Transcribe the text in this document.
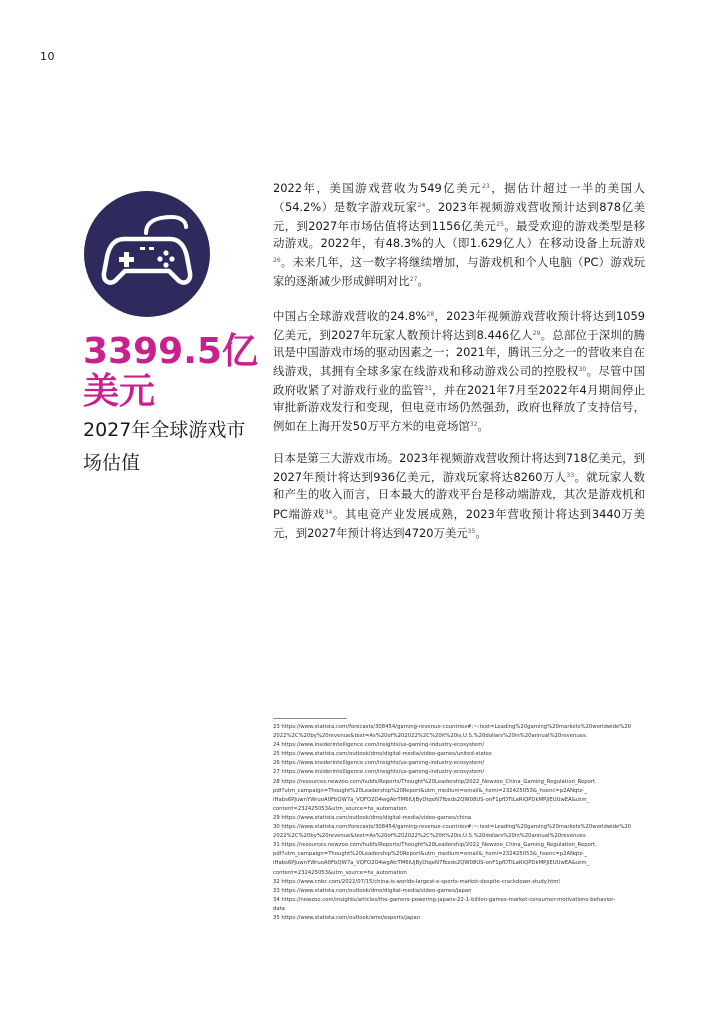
10
3399.5亿美元
2027年全球游戏市场估值

2022年，美国游戏营收为549亿美元$^{23}$，据估计超过一半的美国人（54.2%）是数字游戏玩家$^{24}$。2023年视频游戏营收预计达到878亿美元，到2027年市场估值将达到1156亿美元$^{25}$。最受欢迎的游戏类型是移动游戏。2022年，有48.3%的人（即1.629亿人）在移动设备上玩游戏$^{26}$。未来几年，这一数字将继续增加，与游戏机和个人电脑（PC）游戏玩家的逐渐减少形成鲜明对比$^{27}$。

中国占全球游戏营收的24.8%$^{28}$，2023年视频游戏营收预计将达到1059亿美元，到2027年玩家人数预计将达到8.446亿人$^{29}$。总部位于深圳的腾讯是中国游戏市场的驱动因素之一；2021年，腾讯三分之一的营收来自在线游戏，其拥有全球多家在线游戏和移动游戏公司的控股权$^{30}$。尽管中国政府收紧了对游戏行业的监管$^{31}$，并在2021年7月至2022年4月期间停止审批新游戏发行和变现，但电竞市场仍然强劲，政府也释放了支持信号，例如在上海开发50万平方米的电竞场馆$^{32}$。

日本是第三大游戏市场。2023年视频游戏营收预计将达到718亿美元，到2027年预计将达到936亿美元，游戏玩家将达8260万人$^{33}$。就玩家人数和产生的收入而言，日本最大的游戏平台是移动端游戏，其次是游戏机和PC端游戏$^{34}$。其电竞产业发展成熟，2023年营收预计将达到3440万美元，到2027年预计将达到4720万美元$^{35}$。

23 https://www.statista.com/forecasts/308454/gaming-revenue-countries#:~:text=Leading%20gaming%20markets%20worldwide%20
2022%2C%20by%20revenue&text=As%20of%202022%2C%20it%20is,U.S.%20dollars%20in%20annual%20revenues.
24 https://www.insiderintelligence.com/insights/us-gaming-industry-ecosystem/
25 https://www.statista.com/outlook/dmo/digital-media/video-games/united-states
26 https://www.insiderintelligence.com/insights/us-gaming-industry-ecosystem/
27 https://www.insiderintelligence.com/insights/us-gaming-industry-ecosystem/
28 https://resources.newzoo.com/hubfs/Reports/Thought%20Leadership/2022_Newzoo_China_Gaming_Regulation_Report.
pdf?utm_campaign=Thought%20Leadership%20Report&utm_medium=email&_hsmi=232425053&_hsenc=p2ANqtz-_
iHabs6PJuwnYWruoA0FbQW7a_VQFO2O4wgAtrTM6lUjByDtqeN7fbxds2QW08US-onF1pfDTILaRiQPDkMPJiEUUwEA&utm_
content=232425053&utm_source=hs_automation
29 https://www.statista.com/outlook/dmo/digital-media/video-games/china
30 https://www.statista.com/forecasts/308454/gaming-revenue-countries#:~:text=Leading%20gaming%20markets%20worldwide%20
2022%2C%20by%20revenue&text=As%20of%202022%2C%20it%20is,U.S.%20dollars%20in%20annual%20revenues
31 https://resources.newzoo.com/hubfs/Reports/Thought%20Leadership/2022_Newzoo_China_Gaming_Regulation_Report.
pdf?utm_campaign=Thought%20Leadership%20Report&utm_medium=email&_hsmi=232425053&_hsenc=p2ANqtz-_
iHabs6PJuwnYWruoA0FbQW7a_VQFO2O4wgAtrTM6lUjByDtqeN7fbxds2QW08US-onF1pfDTILaRiQPDkMPJiEUUwEA&utm_
content=232425053&utm_source=hs_automation
32 https://www.cnbc.com/2022/07/15/china-is-worlds-largest-e-sports-market-despite-crackdown-study.html
33 https://www.statista.com/outlook/dmo/digital-media/video-games/japan
34 https://newzoo.com/insights/articles/the-gamers-powering-japans-22-1-billion-games-market-consumer-motivations-behavior-
data
35 https://www.statista.com/outlook/amo/esports/japan
